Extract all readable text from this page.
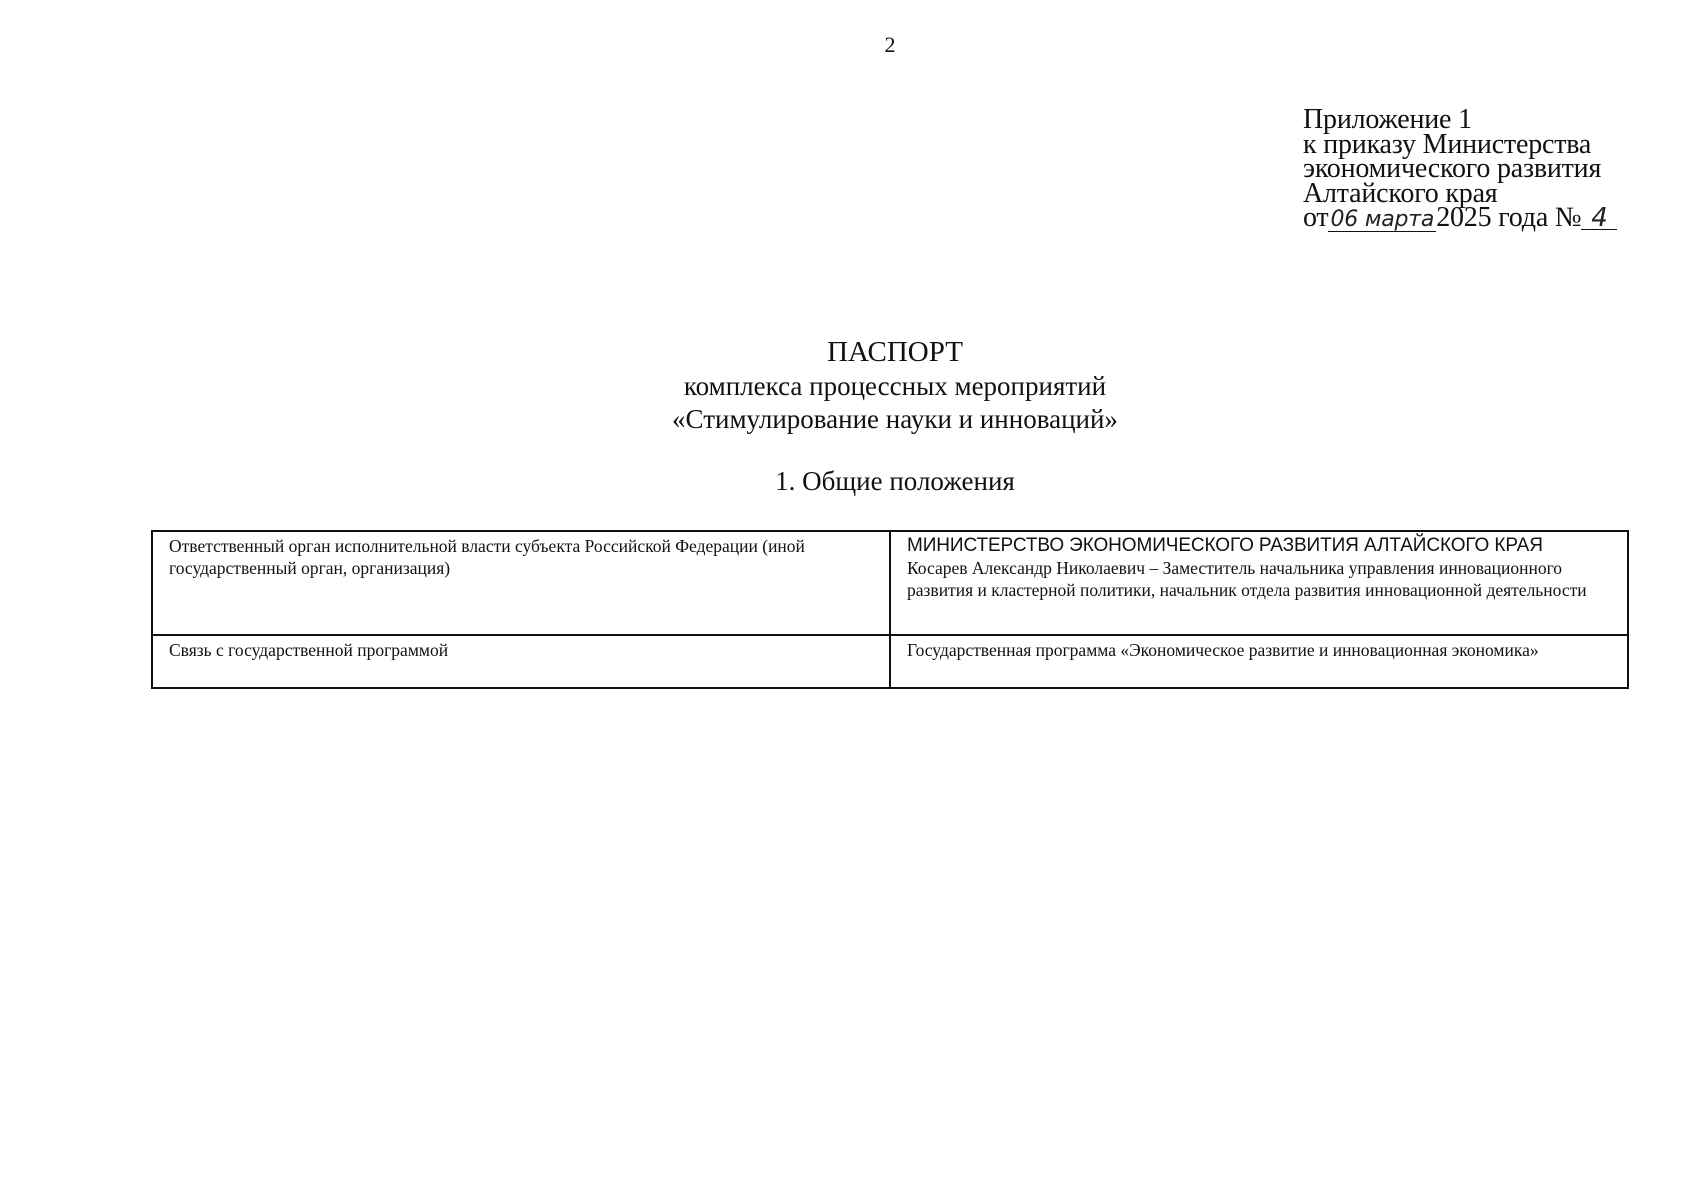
2
Приложение 1
к приказу Министерства
экономического развития
Алтайского края
от06 марта2025 года № 4
ПАСПОРТ
комплекса процессных мероприятий
«Стимулирование науки и инноваций»
1. Общие положения
Ответственный орган исполнительной власти субъекта Российской Федерации (иной государственный орган, организация)	МИНИСТЕРСТВО ЭКОНОМИЧЕСКОГО РАЗВИТИЯ АЛТАЙСКОГО КРАЯ
Косарев Александр Николаевич – Заместитель начальника управления инновационного развития и кластерной политики, начальник отдела развития инновационной деятельности

Связь с государственной программой	Государственная программа «Экономическое развитие и инновационная экономика»
